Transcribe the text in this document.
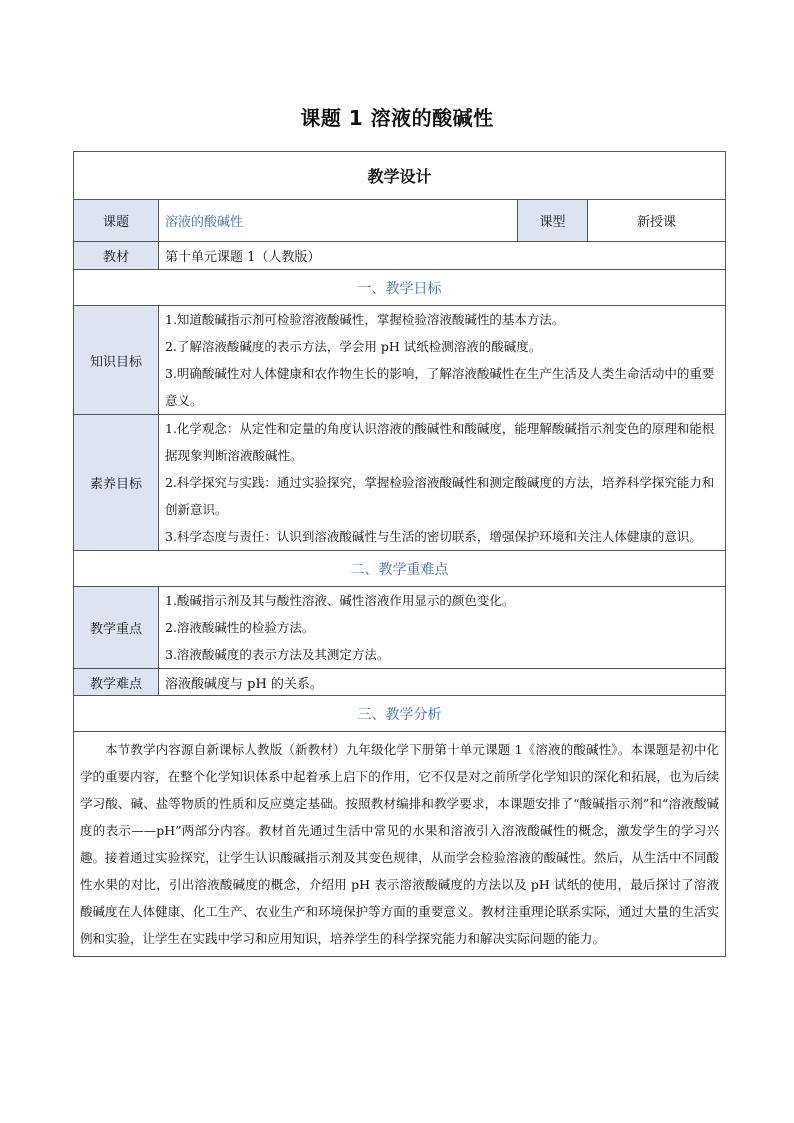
课题 1 溶液的酸碱性
教学设计			
课题	溶液的酸碱性	课型	新授课
教材	第十单元课题 1（人教版）		
一、教学日标			
知识目标	1.知道酸碱指示剂可检验溶液酸碱性，掌握检验溶液酸碱性的基本方法。

2.了解溶液酸碱度的表示方法，学会用 pH 试纸检测溶液的酸碱度。

3.明确酸碱性对人体健康和农作物生长的影响，了解溶液酸碱性在生产生活及人类生命活动中的重要意义。		

素养目标	1.化学观念：从定性和定量的角度认识溶液的酸碱性和酸碱度，能理解酸碱指示剂变色的原理和能根据现象判断溶液酸碱性。

2.科学探究与实践：通过实验探究，掌握检验溶液酸碱性和测定酸碱度的方法，培养科学探究能力和创新意识。

3.科学态度与责任：认识到溶液酸碱性与生活的密切联系，增强保护环境和关注人体健康的意识。		

二、教学重难点			
教学重点	1.酸碱指示剂及其与酸性溶液、碱性溶液作用显示的颜色变化。

2.溶液酸碱性的检验方法。

3.溶液酸碱度的表示方法及其测定方法。		

教学难点	溶液酸碱度与 pH 的关系。		
三、教学分析			

本节教学内容源自新课标人教版（新教材）九年级化学下册第十单元课题 1《溶液的酸碱性》。本课题是初中化学的重要内容，在整个化学知识体系中起着承上启下的作用，它不仅是对之前所学化学知识的深化和拓展，也为后续学习酸、碱、盐等物质的性质和反应奠定基础。按照教材编排和教学要求，本课题安排了“酸碱指示剂”和“溶液酸碱度的表示——pH”两部分内容。教材首先通过生活中常见的水果和溶液引入溶液酸碱性的概念，激发学生的学习兴趣。接着通过实验探究，让学生认识酸碱指示剂及其变色规律，从而学会检验溶液的酸碱性。然后，从生活中不同酸性水果的对比，引出溶液酸碱度的概念，介绍用 pH 表示溶液酸碱度的方法以及 pH 试纸的使用，最后探讨了溶液酸碱度在人体健康、化工生产、农业生产和环境保护等方面的重要意义。教材注重理论联系实际，通过大量的生活实例和实验，让学生在实践中学习和应用知识，培养学生的科学探究能力和解决实际问题的能力。			
